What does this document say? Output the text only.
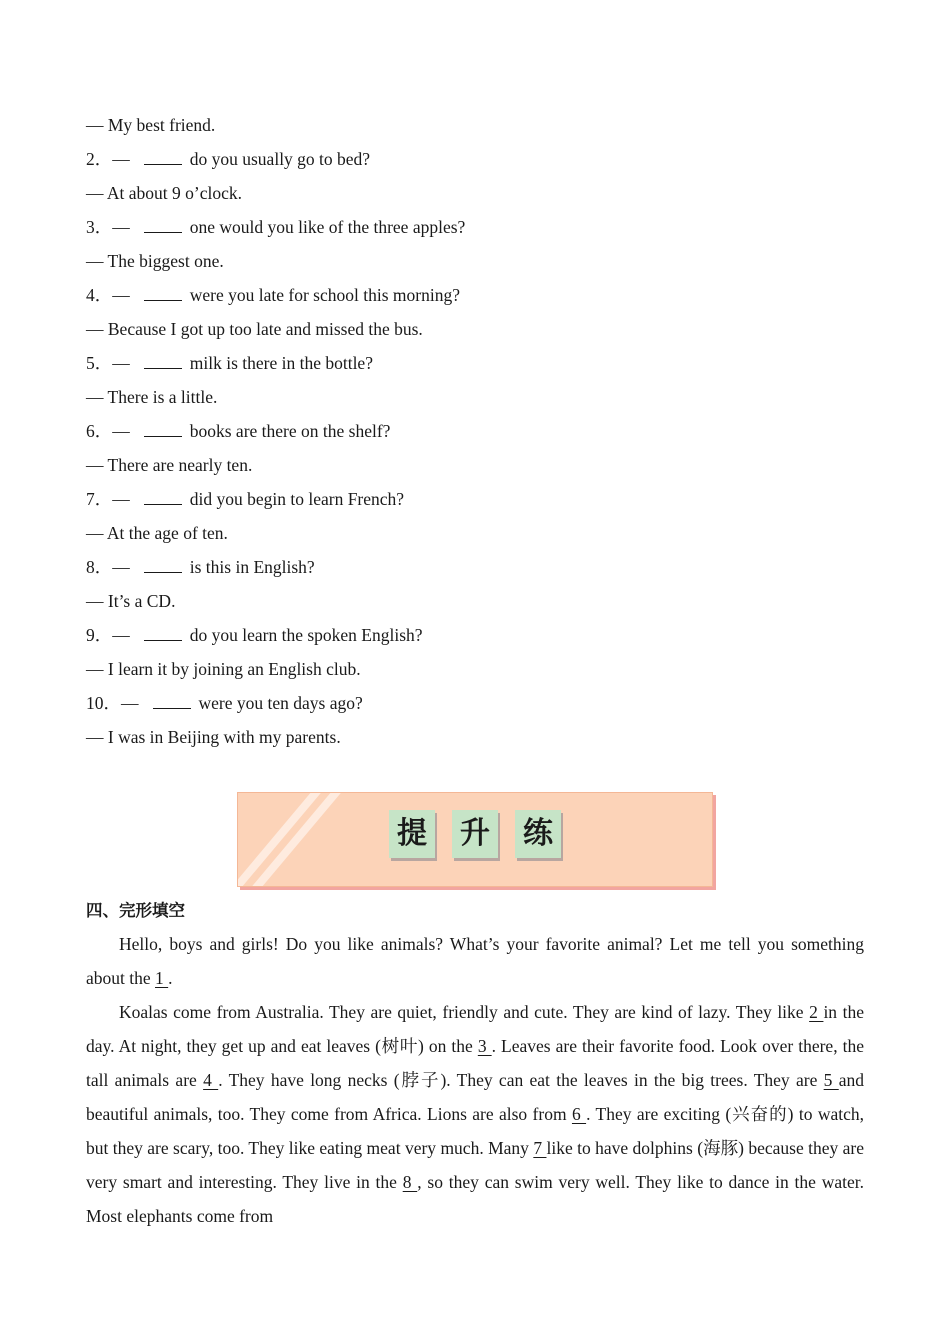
— My best friend.
2．—	do you usually go to bed?
— At about 9 o’clock.
3．—	one would you like of the three apples?
— The biggest one.
4．—	were you late for school this morning?
— Because I got up too late and missed the bus.
5．—	milk is there in the bottle?
— There is a little.
6．—	books are there on the shelf?
— There are nearly ten.
7．—	did you begin to learn French?
— At the age of ten.
8．—	is this in English?
— It’s a CD.
9．—	do you learn the spoken English?
— I learn it by joining an English club.
10．—	were you ten days ago?
— I was in Beijing with my parents.
提 升 练
四、完形填空

Hello, boys and girls! Do you like animals? What’s your favorite animal? Let me tell you something about the 1 .

Koalas come from Australia. They are quiet, friendly and cute. They are kind of lazy. They like 2 in the day. At night, they get up and eat leaves (树叶) on the 3 . Leaves are their favorite food. Look over there, the tall animals are 4 . They have long necks (脖子). They can eat the leaves in the big trees. They are 5 and beautiful animals, too. They come from Africa. Lions are also from 6 . They are exciting (兴奋的) to watch, but they are scary, too. They like eating meat very much. Many 7 like to have dolphins (海豚) because they are very smart and interesting. They live in the 8 , so they can swim very well. They like to dance in the water. Most elephants come from
